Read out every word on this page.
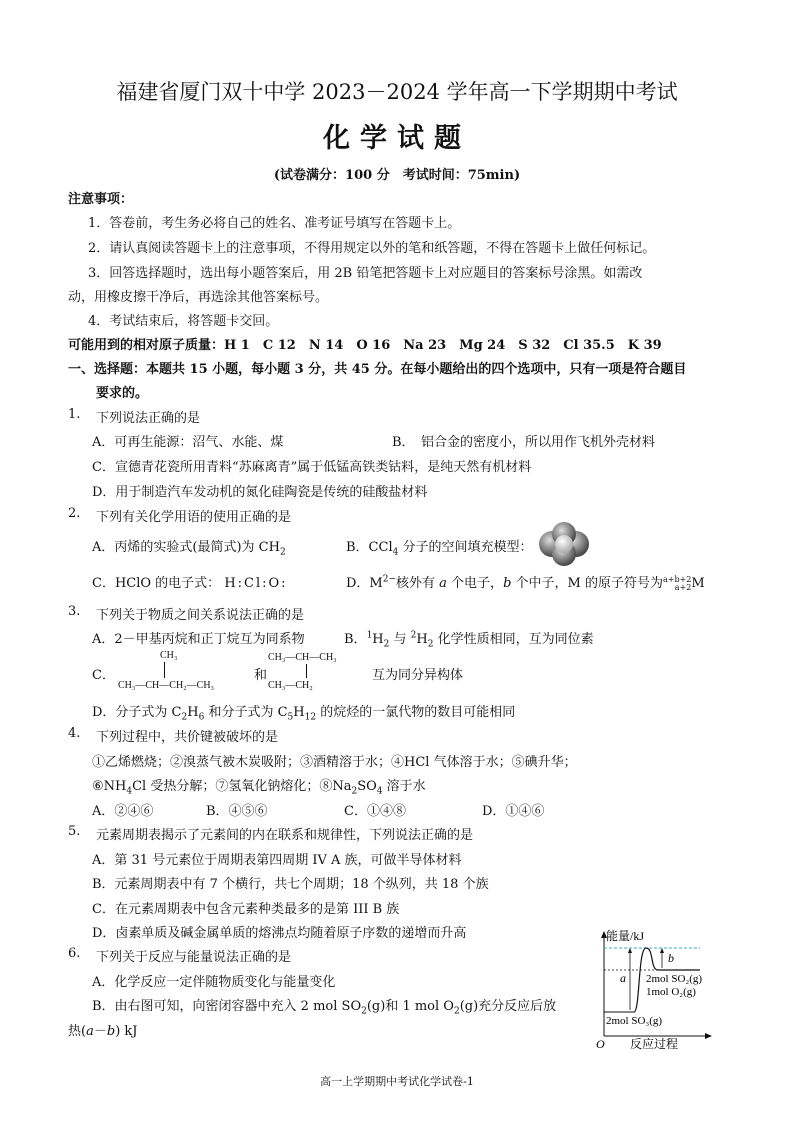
福建省厦门双十中学 2023－2024 学年高一下学期期中考试
化学试题
(试卷满分：100 分　考试时间：75min)
注意事项：
1．答卷前，考生务必将自己的姓名、准考证号填写在答题卡上。
2．请认真阅读答题卡上的注意事项，不得用规定以外的笔和纸答题，不得在答题卡上做任何标记。
3．回答选择题时，选出每小题答案后，用 2B 铅笔把答题卡上对应题目的答案标号涂黑。如需改
动，用橡皮擦干净后，再选涂其他答案标号。
4．考试结束后，将答题卡交回。
可能用到的相对原子质量：H 1　C 12　N 14　O 16　Na 23　Mg 24　S 32　Cl 35.5　K 39
一、选择题：本题共 15 小题，每小题 3 分，共 45 分。在每小题给出的四个选项中，只有一项是符合题目
要求的。
1. 下列说法正确的是
A．可再生能源：沼气、水能、煤	B．　铝合金的密度小，所以用作飞机外壳材料
C．宣德青花瓷所用青料“苏麻离青”属于低锰高铁类钴料，是纯天然有机材料
D．用于制造汽车发动机的氮化硅陶瓷是传统的硅酸盐材料
2. 下列有关化学用语的使用正确的是
A．丙烯的实验式(最简式)为 $CH_2$	B．CCl$_4$ 分子的空间填充模型：
C．HClO 的电子式： H:Cl:O:	D．$M^{2-}$核外有 a 个电子，b 个中子，M 的原子符号为a+b+2
a+2M
3. 下列关于物质之间关系说法正确的是
A．2－甲基丙烷和正丁烷互为同系物	B．$^1H_2$ 与 $^2H_2$ 化学性质相同，互为同位素
C．
CH₃
CH₃—CH—CH₂—CH₃
和
CH₃—CH—CH₃
CH₃—CH₂
互为同分异构体
D．分子式为 $C_2H_6$ 和分子式为 $C_5H_{12}$ 的烷烃的一氯代物的数目可能相同
4. 下列过程中，共价键被破坏的是
①乙烯燃烧；②溴蒸气被木炭吸附；③酒精溶于水；④HCl 气体溶于水；⑤碘升华；
$⑥NH_4Cl$ 受热分解；⑦氢氧化钠熔化；$⑧Na_2SO_4$ 溶于水
A．②④⑥	B．④⑤⑥	C．①④⑧	D．①④⑥
5. 元素周期表揭示了元素间的内在联系和规律性，下列说法正确的是
A．第 31 号元素位于周期表第四周期 IV A 族，可做半导体材料
B．元素周期表中有 7 个横行，共七个周期；18 个纵列，共 18 个族
C．在元素周期表中包含元素种类最多的是第 III B 族
D．卤素单质及碱金属单质的熔沸点均随着原子序数的递增而升高
6. 下列关于反应与能量说法正确的是
A．化学反应一定伴随物质变化与能量变化
B．由右图可知，向密闭容器中充入 2 mol $SO_2(g)$和 1 mol $O_2(g)$充分反应后放
热(a－b) kJ
能量/kJ
a
b
2mol SO₂(g)
1mol O₂(g)
2mol SO₃(g)
O 反应过程
高一上学期期中考试化学试卷-1
